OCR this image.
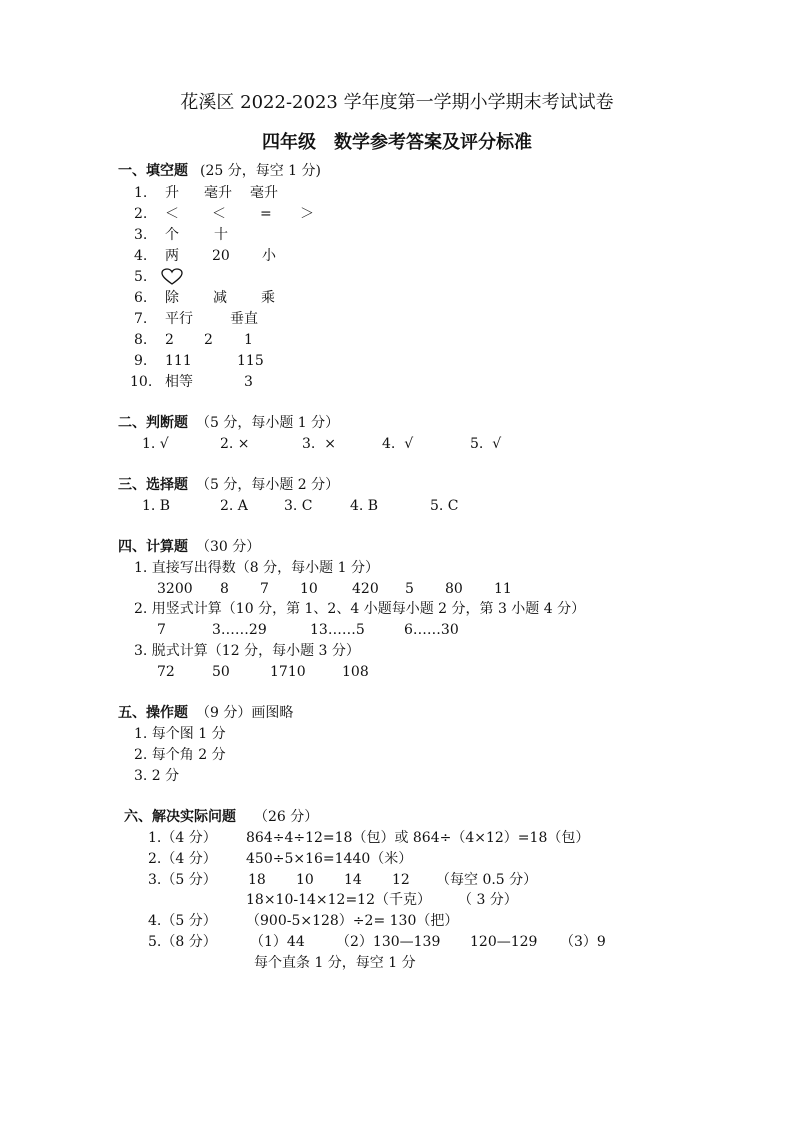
花溪区 2022-2023 学年度第一学期小学期末考试试卷
四年级　数学参考答案及评分标准
一、填空题 (25 分，每空 1 分)
1. 升 毫升 毫升
2. ＜ ＜ = ＞
3. 个	十
4. 两 20 小
5.
6. 除 减 乘
7. 平行	垂直
8. 2 2 1
9. 111	115
10. 相等	3
二、判断题 （5 分，每小题 1 分）
1. √	2. ×	3.  ×	4.  √	5.  √
三、选择题 （5 分，每小题 2 分）
1. B	2. A	3. C	4. B	5. C
四、计算题 （30 分）
1. 直接写出得数（8 分，每小题 1 分）
3200 8 7 10 420 5 80 11
2. 用竖式计算（10 分，第 1、2、4 小题每小题 2 分，第 3 小题 4 分）
7	3……29	13……5	6……30
3. 脱式计算（12 分，每小题 3 分）
72	50	1710	108
五、操作题 （9 分）画图略
1. 每个图 1 分
2. 每个角 2 分
3. 2 分
六、解决实际问题 （26 分）
1.（4 分） 864÷4÷12=18（包）或 864÷（4×12）=18（包）
2.（4 分） 450÷5×16=1440（米）
3.（5 分） 18 10 14 12 （每空 0.5 分）
18×10-14×12=12（千克） （ 3 分）
4.（5 分） （900-5×128）÷2= 130（把）
5.（8 分） （1）44 （2）130—139 120—129 （3）9
每个直条 1 分，每空 1 分
